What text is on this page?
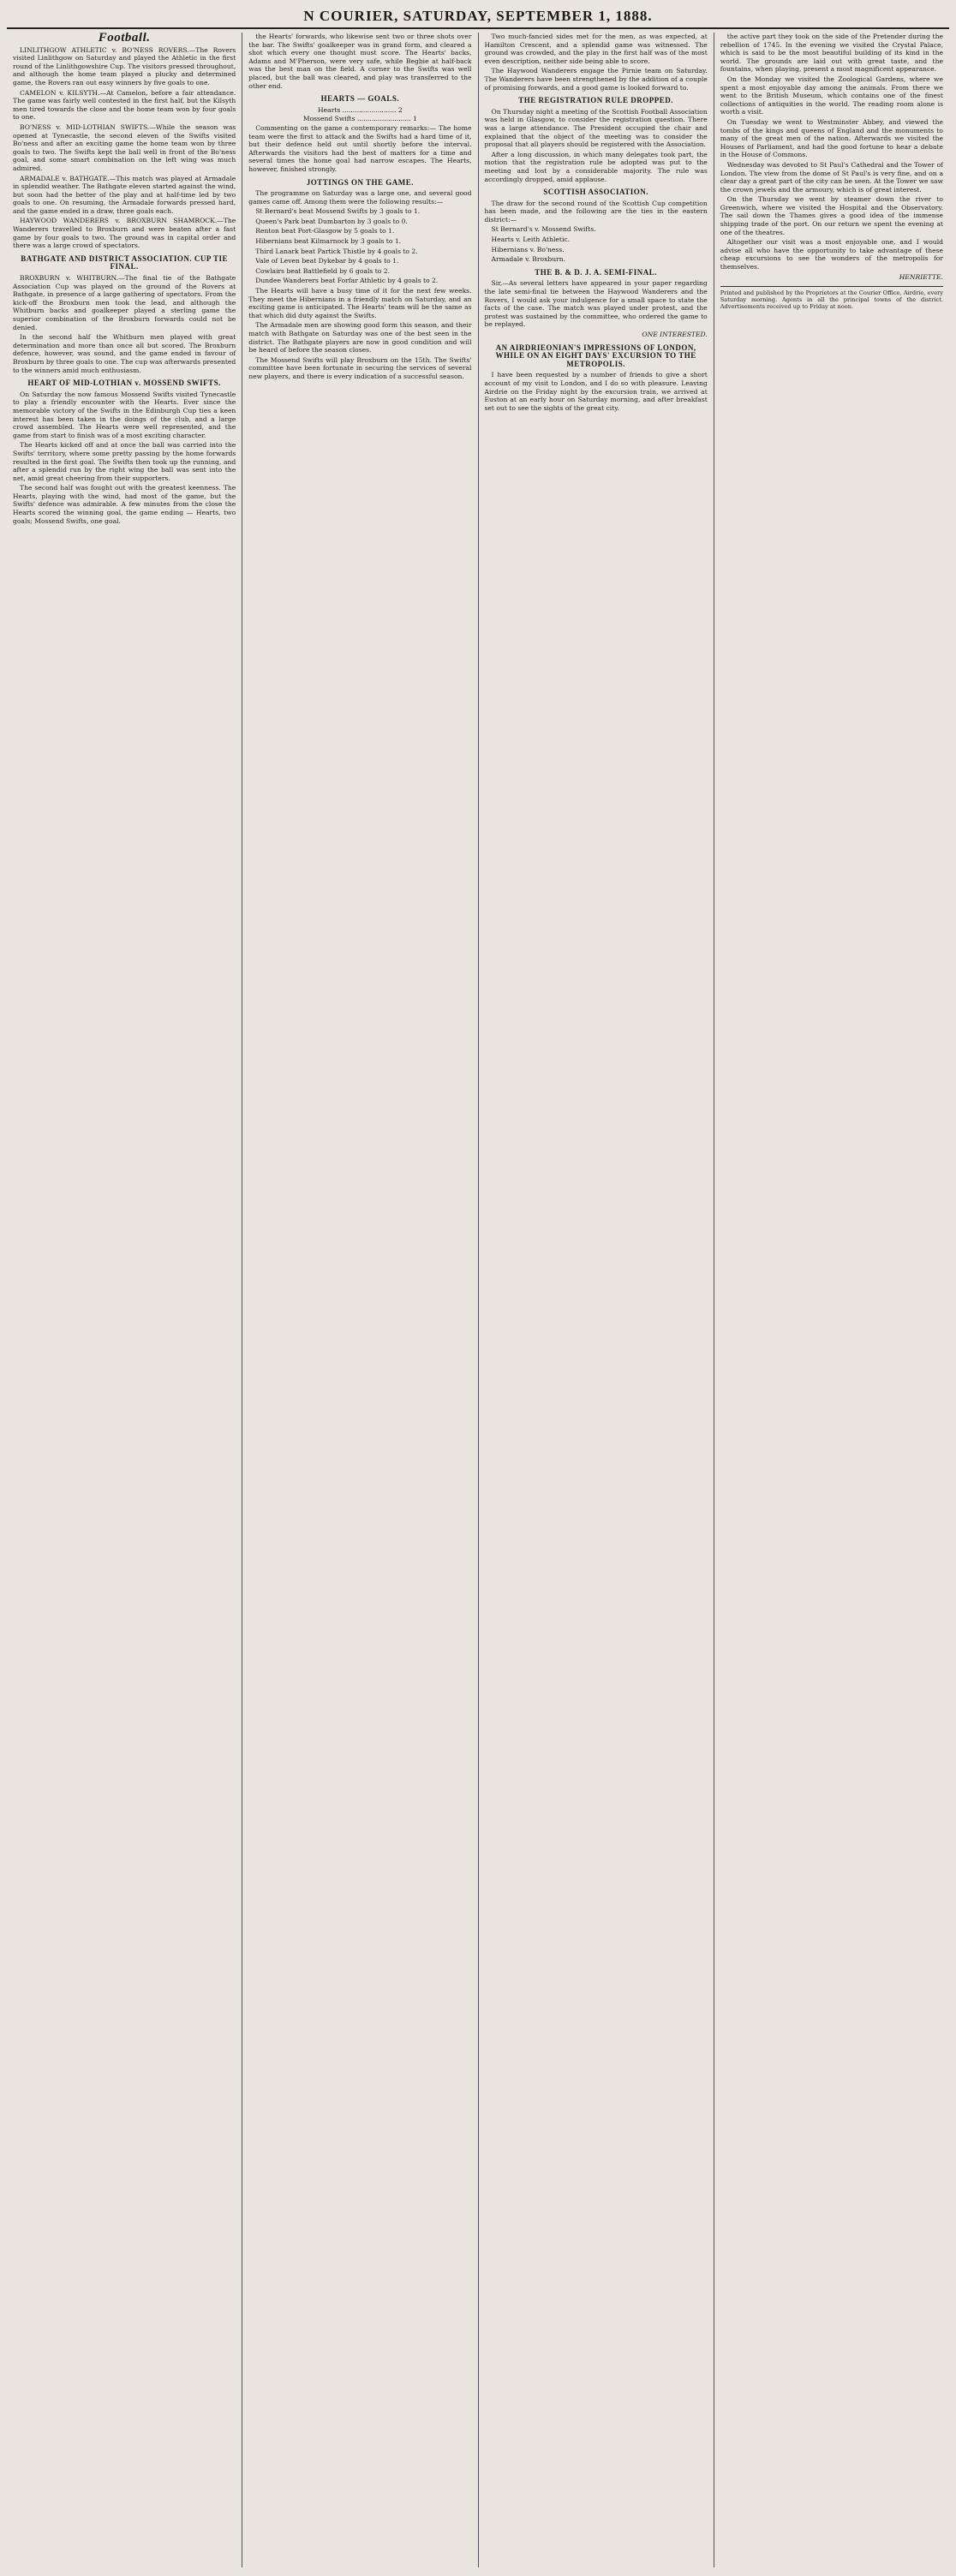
N COURIER, SATURDAY, SEPTEMBER 1, 1888.
Football.

LINLITHGOW ATHLETIC v. BO'NESS ROVERS.—The Rovers visited Linlithgow on Saturday and played the Athletic in the first round of the Linlithgowshire Cup. The visitors pressed throughout, and although the home team played a plucky and determined game, the Rovers ran out easy winners by five goals to one.

CAMELON v. KILSYTH.—At Camelon, before a fair attendance. The game was fairly well contested in the first half, but the Kilsyth men tired towards the close and the home team won by four goals to one.

BO'NESS v. MID-LOTHIAN SWIFTS.—While the season was opened at Tynecastle, the second eleven of the Swifts visited Bo'ness and after an exciting game the home team won by three goals to two. The Swifts kept the ball well in front of the Bo'ness goal, and some smart combination on the left wing was much admired.

ARMADALE v. BATHGATE.—This match was played at Armadale in splendid weather. The Bathgate eleven started against the wind, but soon had the better of the play and at half-time led by two goals to one. On resuming, the Armadale forwards pressed hard, and the game ended in a draw, three goals each.

HAYWOOD WANDERERS v. BROXBURN SHAMROCK.—The Wanderers travelled to Broxburn and were beaten after a fast game by four goals to two. The ground was in capital order and there was a large crowd of spectators.

BATHGATE AND DISTRICT ASSOCIATION. CUP TIE FINAL.

BROXBURN v. WHITBURN.—The final tie of the Bathgate Association Cup was played on the ground of the Rovers at Bathgate, in presence of a large gathering of spectators. From the kick-off the Broxburn men took the lead, and although the Whitburn backs and goalkeeper played a sterling game the superior combination of the Broxburn forwards could not be denied.

In the second half the Whitburn men played with great determination and more than once all but scored. The Broxburn defence, however, was sound, and the game ended in favour of Broxburn by three goals to one. The cup was afterwards presented to the winners amid much enthusiasm.

HEART OF MID-LOTHIAN v. MOSSEND SWIFTS.

On Saturday the now famous Mossend Swifts visited Tynecastle to play a friendly encounter with the Hearts. Ever since the memorable victory of the Swifts in the Edinburgh Cup ties a keen interest has been taken in the doings of the club, and a large crowd assembled. The Hearts were well represented, and the game from start to finish was of a most exciting character.

The Hearts kicked off and at once the ball was carried into the Swifts' territory, where some pretty passing by the home forwards resulted in the first goal. The Swifts then took up the running, and after a splendid run by the right wing the ball was sent into the net, amid great cheering from their supporters.

The second half was fought out with the greatest keenness. The Hearts, playing with the wind, had most of the game, but the Swifts' defence was admirable. A few minutes from the close the Hearts scored the winning goal, the game ending — Hearts, two goals; Mossend Swifts, one goal.

the Hearts' forwards, who likewise sent two or three shots over the bar. The Swifts' goalkeeper was in grand form, and cleared a shot which every one thought must score. The Hearts' backs, Adams and M'Pherson, were very safe, while Begbie at half-back was the best man on the field. A corner to the Swifts was well placed, but the ball was cleared, and play was transferred to the other end.

HEARTS — GOALS.
Hearts .......................... 2
Mossend Swifts .......................... 1

Commenting on the game a contemporary remarks:— The home team were the first to attack and the Swifts had a hard time of it, but their defence held out until shortly before the interval. Afterwards the visitors had the best of matters for a time and several times the home goal had narrow escapes. The Hearts, however, finished strongly.

JOTTINGS ON THE GAME.

The programme on Saturday was a large one, and several good games came off. Among them were the following results:—

St Bernard's beat Mossend Swifts by 3 goals to 1.

Queen's Park beat Dumbarton by 3 goals to 0.

Renton beat Port-Glasgow by 5 goals to 1.

Hibernians beat Kilmarnock by 3 goals to 1.

Third Lanark beat Partick Thistle by 4 goals to 2.

Vale of Leven beat Dykebar by 4 goals to 1.

Cowlairs beat Battlefield by 6 goals to 2.

Dundee Wanderers beat Forfar Athletic by 4 goals to 2.

The Hearts will have a busy time of it for the next few weeks. They meet the Hibernians in a friendly match on Saturday, and an exciting game is anticipated. The Hearts' team will be the same as that which did duty against the Swifts.

The Armadale men are showing good form this season, and their match with Bathgate on Saturday was one of the best seen in the district. The Bathgate players are now in good condition and will be heard of before the season closes.

The Mossend Swifts will play Broxburn on the 15th. The Swifts' committee have been fortunate in securing the services of several new players, and there is every indication of a successful season.

Two much-fancied sides met for the men, as was expected, at Hamilton Crescent, and a splendid game was witnessed. The ground was crowded, and the play in the first half was of the most even description, neither side being able to score.

The Haywood Wanderers engage the Pirnie team on Saturday. The Wanderers have been strengthened by the addition of a couple of promising forwards, and a good game is looked forward to.

THE REGISTRATION RULE DROPPED.

On Thursday night a meeting of the Scottish Football Association was held in Glasgow, to consider the registration question. There was a large attendance. The President occupied the chair and explained that the object of the meeting was to consider the proposal that all players should be registered with the Association.

After a long discussion, in which many delegates took part, the motion that the registration rule be adopted was put to the meeting and lost by a considerable majority. The rule was accordingly dropped, amid applause.

SCOTTISH ASSOCIATION.

The draw for the second round of the Scottish Cup competition has been made, and the following are the ties in the eastern district:—

St Bernard's v. Mossend Swifts.

Hearts v. Leith Athletic.

Hibernians v. Bo'ness.

Armadale v. Broxburn.

THE B. & D. J. A. SEMI-FINAL.

Sir,—As several letters have appeared in your paper regarding the late semi-final tie between the Haywood Wanderers and the Rovers, I would ask your indulgence for a small space to state the facts of the case. The match was played under protest, and the protest was sustained by the committee, who ordered the game to be replayed.

ONE INTERESTED.
AN AIRDRIEONIAN'S IMPRESSIONS OF LONDON, WHILE ON AN EIGHT DAYS' EXCURSION TO THE METROPOLIS.

I have been requested by a number of friends to give a short account of my visit to London, and I do so with pleasure. Leaving Airdrie on the Friday night by the excursion train, we arrived at Euston at an early hour on Saturday morning, and after breakfast set out to see the sights of the great city.

the active part they took on the side of the Pretender during the rebellion of 1745. In the evening we visited the Crystal Palace, which is said to be the most beautiful building of its kind in the world. The grounds are laid out with great taste, and the fountains, when playing, present a most magnificent appearance.

On the Monday we visited the Zoological Gardens, where we spent a most enjoyable day among the animals. From there we went to the British Museum, which contains one of the finest collections of antiquities in the world. The reading room alone is worth a visit.

On Tuesday we went to Westminster Abbey, and viewed the tombs of the kings and queens of England and the monuments to many of the great men of the nation. Afterwards we visited the Houses of Parliament, and had the good fortune to hear a debate in the House of Commons.

Wednesday was devoted to St Paul's Cathedral and the Tower of London. The view from the dome of St Paul's is very fine, and on a clear day a great part of the city can be seen. At the Tower we saw the crown jewels and the armoury, which is of great interest.

On the Thursday we went by steamer down the river to Greenwich, where we visited the Hospital and the Observatory. The sail down the Thames gives a good idea of the immense shipping trade of the port. On our return we spent the evening at one of the theatres.

Altogether our visit was a most enjoyable one, and I would advise all who have the opportunity to take advantage of these cheap excursions to see the wonders of the metropolis for themselves.

HENRIETTE.
Printed and published by the Proprietors at the Courier Office, Airdrie, every Saturday morning. Agents in all the principal towns of the district. Advertisements received up to Friday at noon.
